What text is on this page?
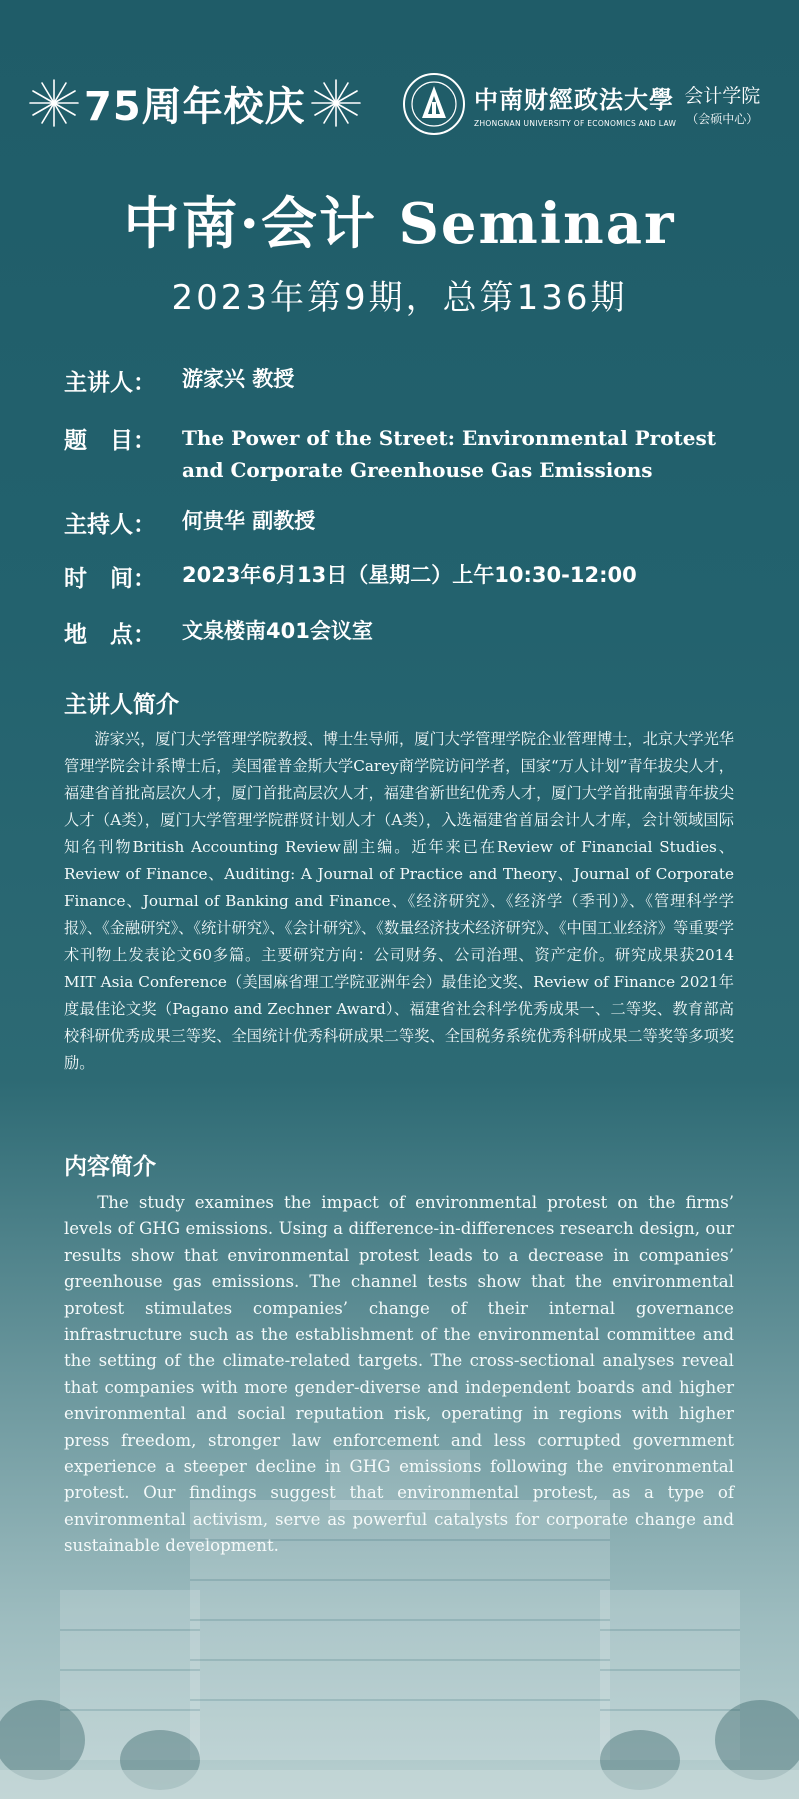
75周年校庆	中南财經政法大學
ZHONGNAN UNIVERSITY OF ECONOMICS AND LAW
会计学院
（会硕中心）
中南·会计 Seminar
2023年第9期，总第136期
主讲人：	游家兴 教授
题　目：	The Power of the Street: Environmental Protest and Corporate Greenhouse Gas Emissions
主持人：	何贵华 副教授
时　间：	2023年6月13日（星期二）上午10:30-12:00
地　点：	文泉楼南401会议室
主讲人简介

游家兴，厦门大学管理学院教授、博士生导师，厦门大学管理学院企业管理博士，北京大学光华管理学院会计系博士后，美国霍普金斯大学Carey商学院访问学者，国家“万人计划”青年拔尖人才，福建省首批高层次人才，厦门首批高层次人才，福建省新世纪优秀人才，厦门大学首批南强青年拔尖人才（A类），厦门大学管理学院群贤计划人才（A类），入选福建省首届会计人才库，会计领域国际知名刊物British Accounting Review副主编。近年来已在Review of Financial Studies、Review of Finance、Auditing: A Journal of Practice and Theory、Journal of Corporate Finance、Journal of Banking and Finance、《经济研究》、《经济学（季刊）》、《管理科学学报》、《金融研究》、《统计研究》、《会计研究》、《数量经济技术经济研究》、《中国工业经济》等重要学术刊物上发表论文60多篇。主要研究方向：公司财务、公司治理、资产定价。研究成果获2014 MIT Asia Conference（美国麻省理工学院亚洲年会）最佳论文奖、Review of Finance 2021年度最佳论文奖（Pagano and Zechner Award）、福建省社会科学优秀成果一、二等奖、教育部高校科研优秀成果三等奖、全国统计优秀科研成果二等奖、全国税务系统优秀科研成果二等奖等多项奖励。

内容简介

The study examines the impact of environmental protest on the firms’ levels of GHG emissions. Using a difference-in-differences research design, our results show that environmental protest leads to a decrease in companies’ greenhouse gas emissions. The channel tests show that the environmental protest stimulates companies’ change of their internal governance infrastructure such as the establishment of the environmental committee and the setting of the climate-related targets. The cross-sectional analyses reveal that companies with more gender-diverse and independent boards and higher environmental and social reputation risk, operating in regions with higher press freedom, stronger law enforcement and less corrupted government experience a steeper decline in GHG emissions following the environmental protest. Our findings suggest that environmental protest, as a type of environmental activism, serve as powerful catalysts for corporate change and sustainable development.
